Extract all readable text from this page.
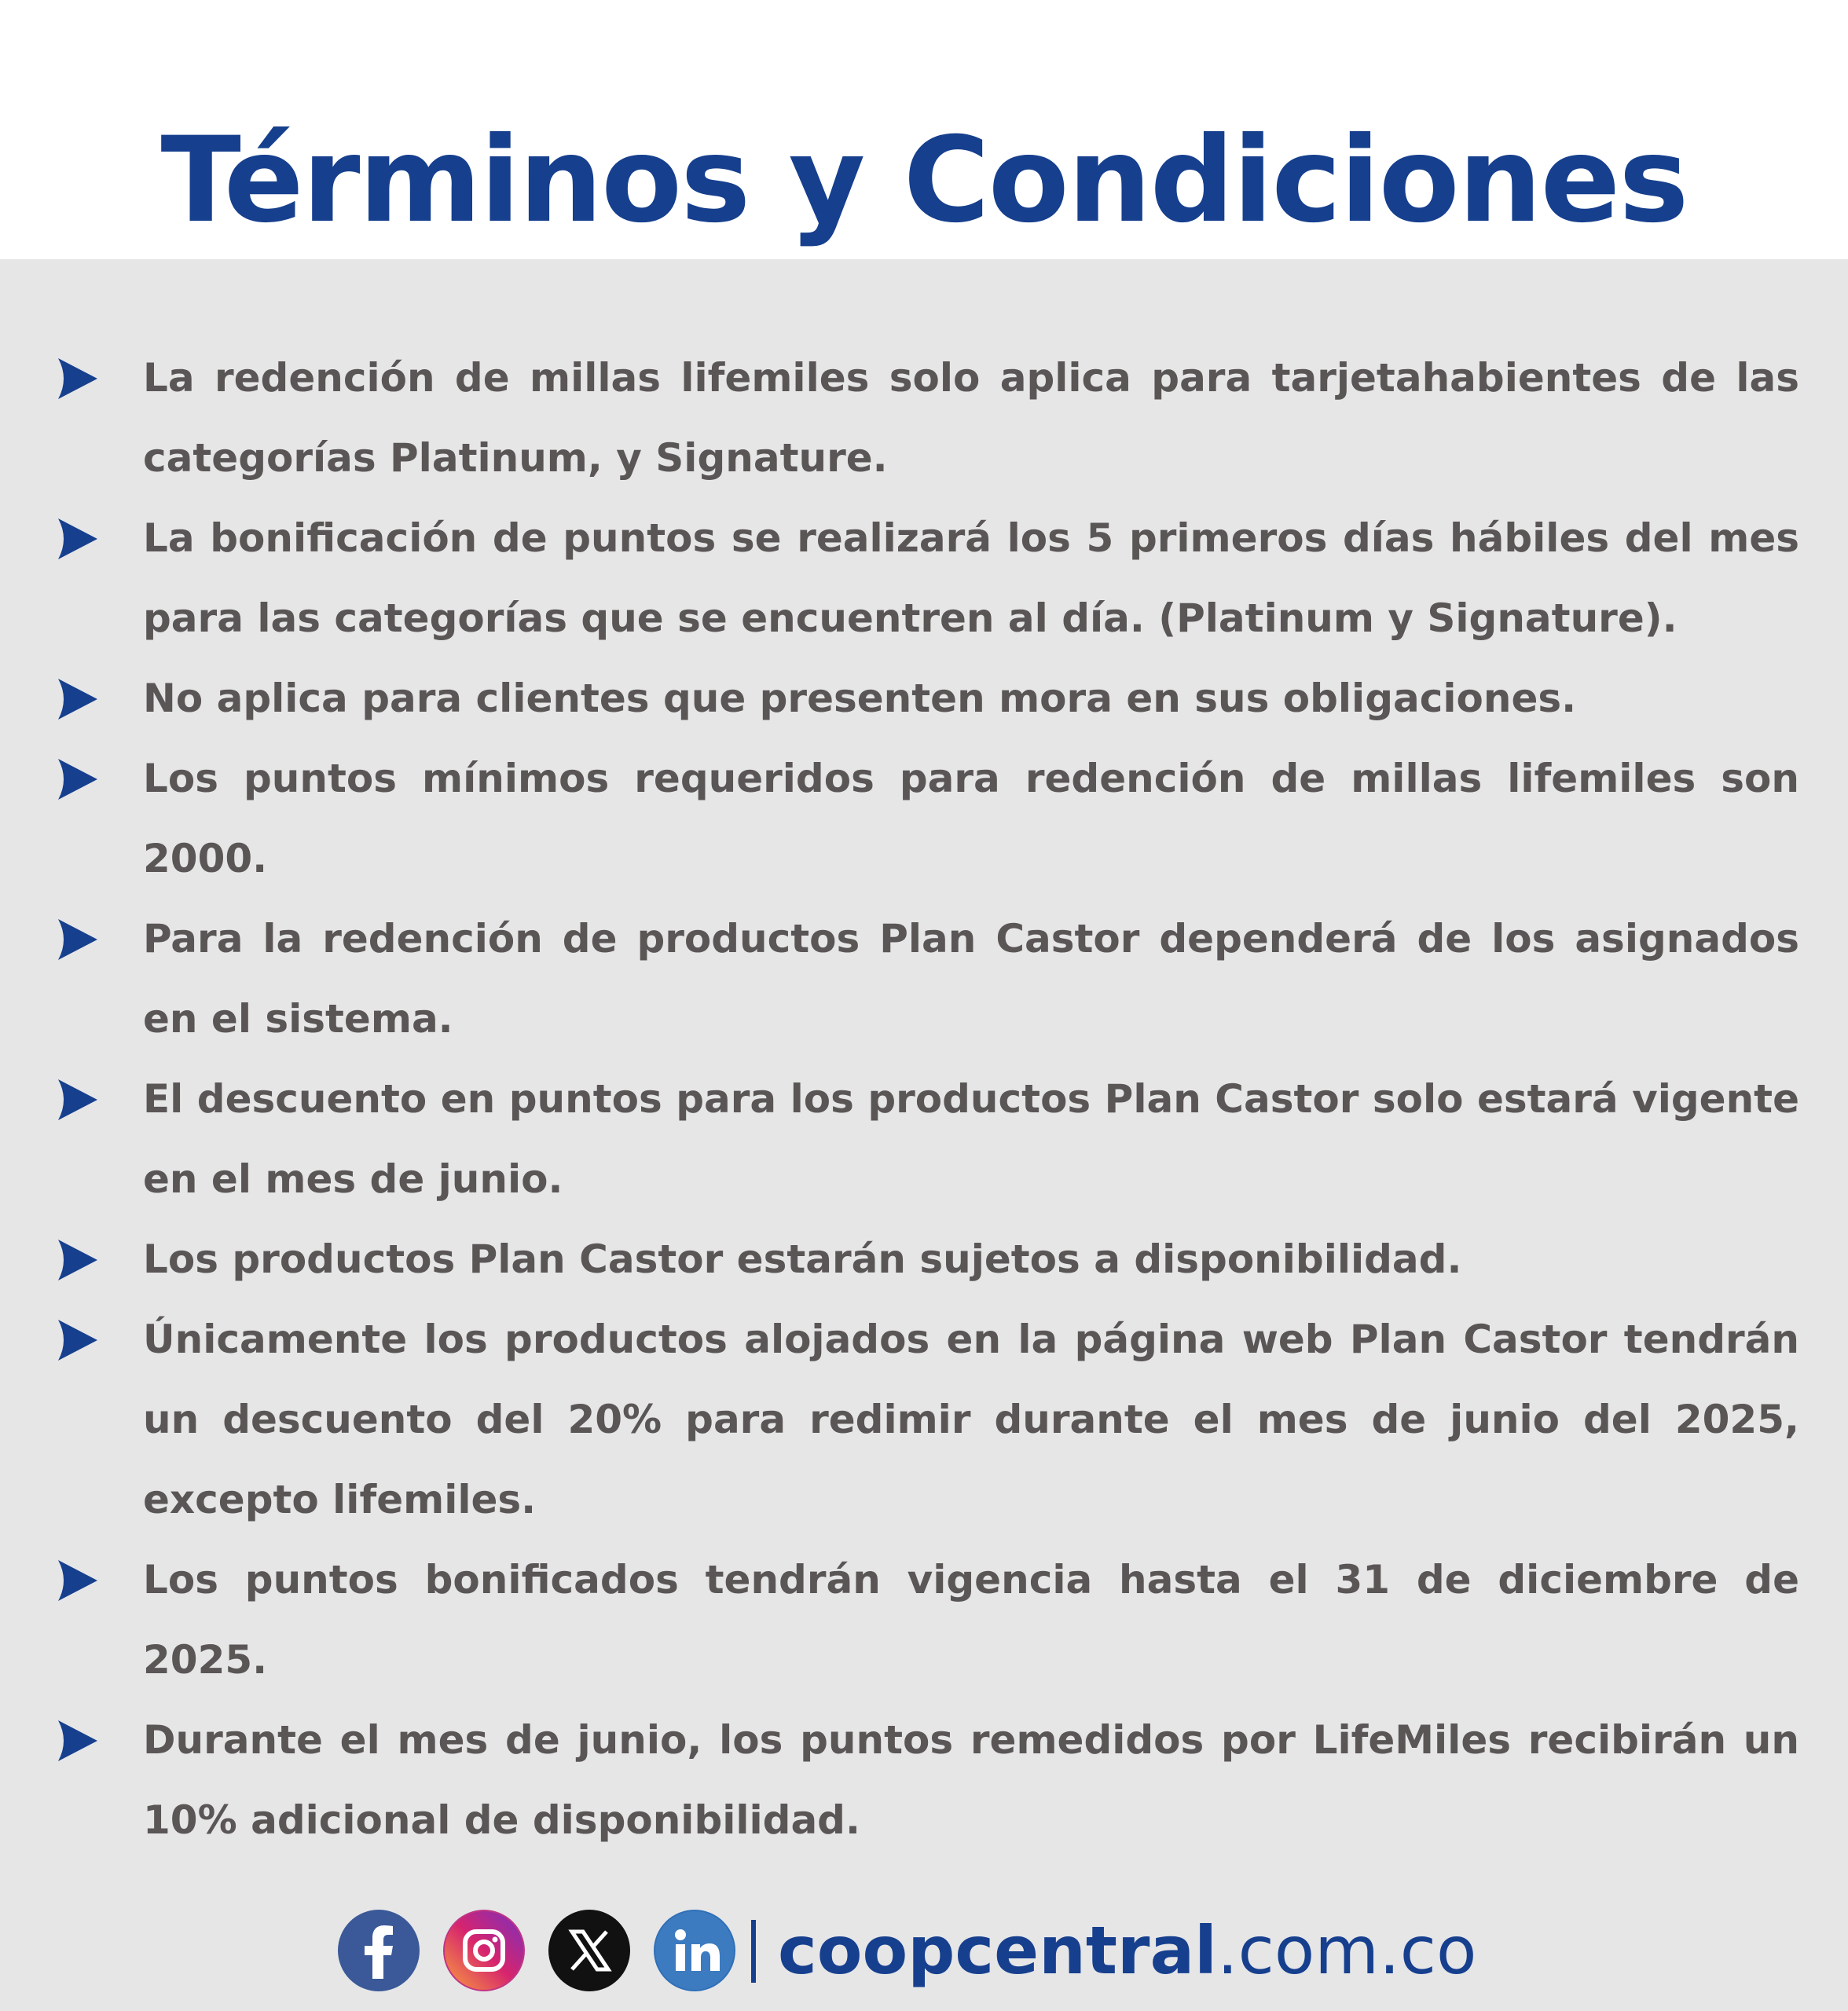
Términos y Condiciones
La redención de millas lifemiles solo aplica para tarjetahabientes de las categorías Platinum, y Signature.
La bonificación de puntos se realizará los 5 primeros días hábiles del mes para las categorías que se encuentren al día. (Platinum y Signature).
No aplica para clientes que presenten mora en sus obligaciones.
Los puntos mínimos requeridos para redención de millas lifemiles son 2000.
Para la redención de productos Plan Castor dependerá de los asignados en el sistema.
El descuento en puntos para los productos Plan Castor solo estará vigente en el mes de junio.
Los productos Plan Castor estarán sujetos a disponibilidad.
Únicamente los productos alojados en la página web Plan Castor tendrán un descuento del 20% para redimir durante el mes de junio del 2025, excepto lifemiles.
Los puntos bonificados tendrán vigencia hasta el 31 de diciembre de 2025.
Durante el mes de junio, los puntos remedidos por LifeMiles recibirán un 10% adicional de disponibilidad.
coopcentral .com.co
